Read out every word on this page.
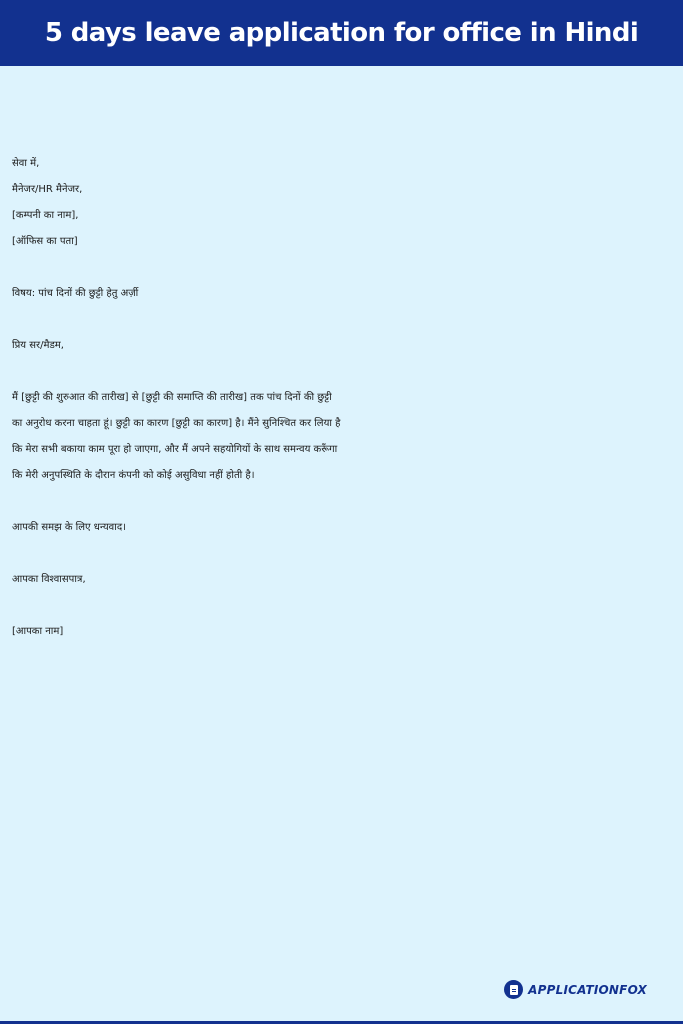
5 days leave application for office in Hindi
सेवा में,
मैनेजर/HR मैनेजर,
[कम्पनी का नाम],
[ऑफिस का पता]
विषय: पांच दिनों की छुट्टी हेतु अर्ज़ी
प्रिय सर/मैडम,

मैं [छुट्टी की शुरुआत की तारीख] से [छुट्टी की समाप्ति की तारीख] तक पांच दिनों की छुट्टी

का अनुरोध करना चाहता हूं। छुट्टी का कारण [छुट्टी का कारण] है। मैंने सुनिश्चित कर लिया है

कि मेरा सभी बकाया काम पूरा हो जाएगा, और मैं अपने सहयोगियों के साथ समन्वय करूँगा

कि मेरी अनुपस्थिति के दौरान कंपनी को कोई असुविधा नहीं होती है।

आपकी समझ के लिए धन्यवाद।
आपका विश्वासपात्र,
[आपका नाम]
APPLICATIONFOX
